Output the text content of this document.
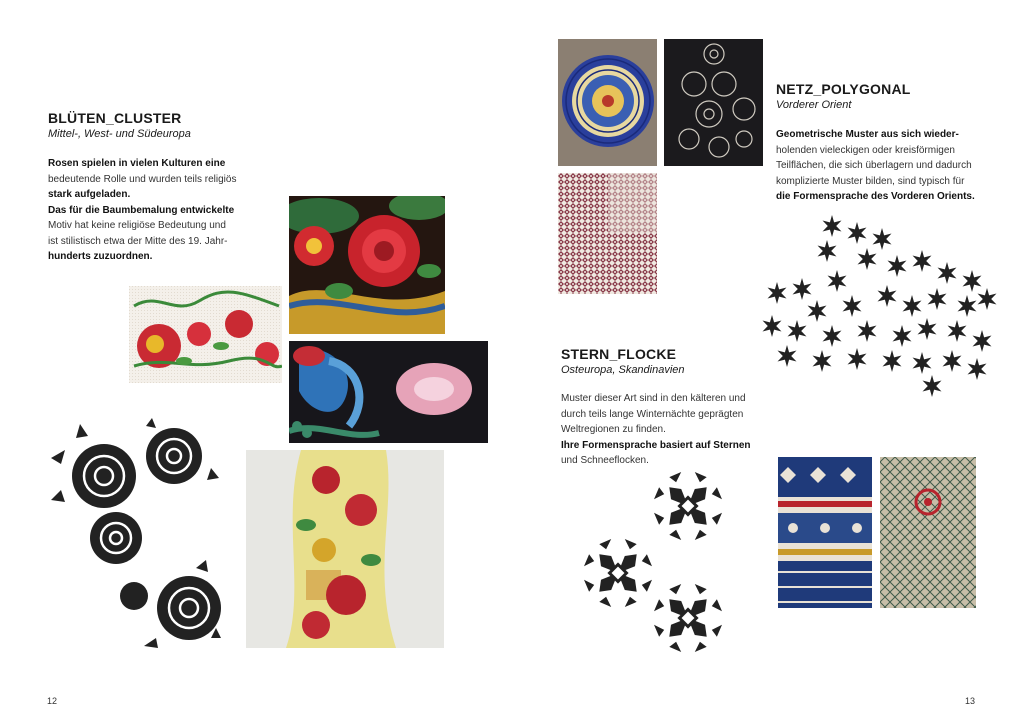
BLÜTEN_CLUSTER
Mittel-, West- und Südeuropa
Rosen spielen in vielen Kulturen eine
bedeutende Rolle und wurden teils religiös
stark aufgeladen.
Das für die Baumbemalung entwickelte
Motiv hat keine religiöse Bedeutung und
ist stilistisch etwa der Mitte des 19. Jahr-
hunderts zuzuordnen.
12
NETZ_POLYGONAL
Vorderer Orient
Geometrische Muster aus sich wieder-
holenden vieleckigen oder kreisförmigen
Teilflächen, die sich überlagern und dadurch
komplizierte Muster bilden, sind typisch für
die Formensprache des Vorderen Orients.
STERN_FLOCKE
Osteuropa, Skandinavien
Muster dieser Art sind in den kälteren und
durch teils lange Winternächte geprägten
Weltregionen zu finden.
Ihre Formensprache basiert auf Sternen
und Schneeflocken.
13
